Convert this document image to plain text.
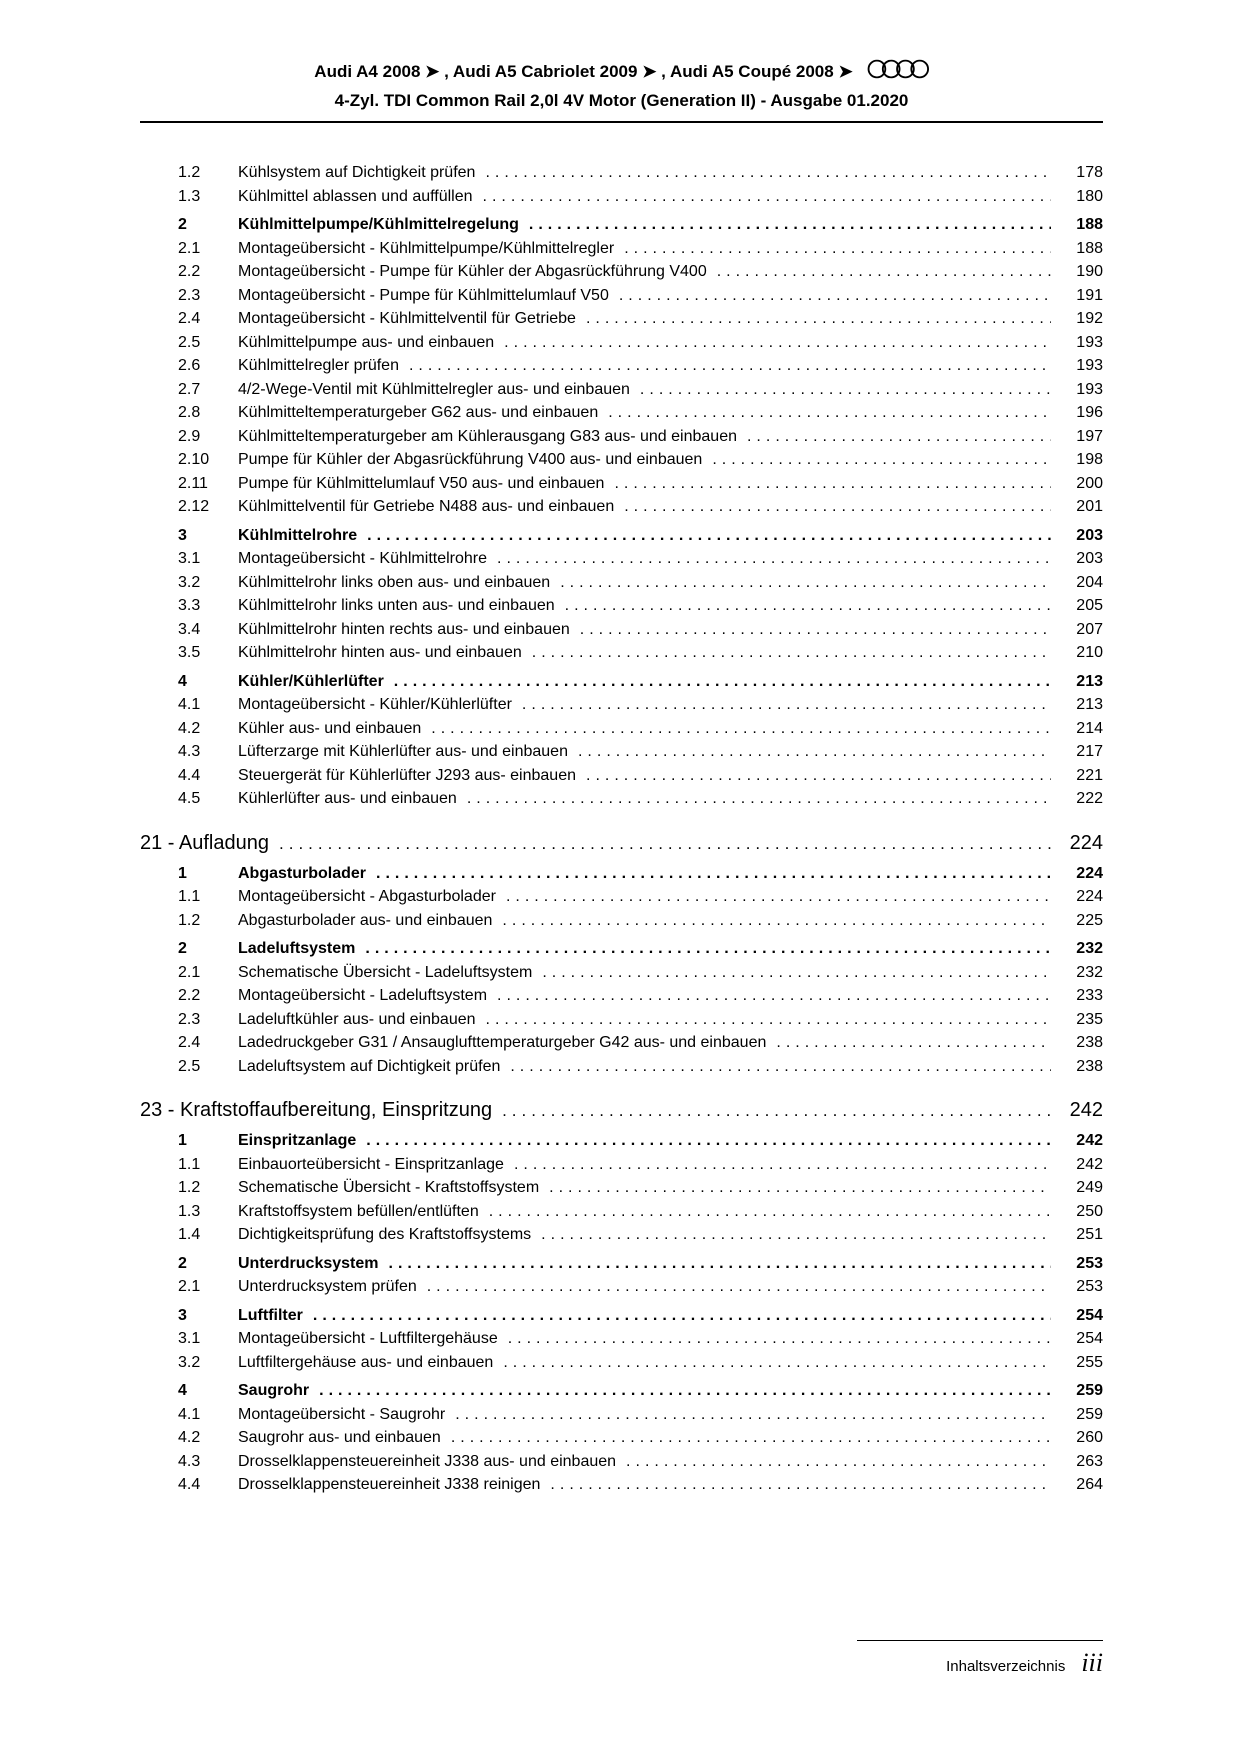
Audi A4 2008 ➤ , Audi A5 Cabriolet 2009 ➤ , Audi A5 Coupé 2008 ➤
4-Zyl. TDI Common Rail 2,0l 4V Motor (Generation II) - Ausgabe 01.2020
1.2	Kühlsystem auf Dichtigkeit prüfen .....	178
1.3	Kühlmittel ablassen und auffüllen .....	180
2	Kühlmittelpumpe/Kühlmittelregelung .....	188
2.1	Montageübersicht - Kühlmittelpumpe/Kühlmittelregler .....	188
2.2	Montageübersicht - Pumpe für Kühler der Abgasrückführung V400 .....	190
2.3	Montageübersicht - Pumpe für Kühlmittelumlauf V50 .....	191
2.4	Montageübersicht - Kühlmittelventil für Getriebe .....	192
2.5	Kühlmittelpumpe aus- und einbauen .....	193
2.6	Kühlmittelregler prüfen .....	193
2.7	4/2-Wege-Ventil mit Kühlmittelregler aus- und einbauen .....	193
2.8	Kühlmitteltemperaturgeber G62 aus- und einbauen .....	196
2.9	Kühlmitteltemperaturgeber am Kühlerausgang G83 aus- und einbauen .....	197
2.10	Pumpe für Kühler der Abgasrückführung V400 aus- und einbauen .....	198
2.11	Pumpe für Kühlmittelumlauf V50 aus- und einbauen .....	200
2.12	Kühlmittelventil für Getriebe N488 aus- und einbauen .....	201
3	Kühlmittelrohre .....	203
3.1	Montageübersicht - Kühlmittelrohre .....	203
3.2	Kühlmittelrohr links oben aus- und einbauen .....	204
3.3	Kühlmittelrohr links unten aus- und einbauen .....	205
3.4	Kühlmittelrohr hinten rechts aus- und einbauen .....	207
3.5	Kühlmittelrohr hinten aus- und einbauen .....	210
4	Kühler/Kühlerlüfter .....	213
4.1	Montageübersicht - Kühler/Kühlerlüfter .....	213
4.2	Kühler aus- und einbauen .....	214
4.3	Lüfterzarge mit Kühlerlüfter aus- und einbauen .....	217
4.4	Steuergerät für Kühlerlüfter J293 aus- einbauen .....	221
4.5	Kühlerlüfter aus- und einbauen .....	222
21 - Aufladung .....	224
1	Abgasturbolader .....	224
1.1	Montageübersicht - Abgasturbolader .....	224
1.2	Abgasturbolader aus- und einbauen .....	225
2	Ladeluftsystem .....	232
2.1	Schematische Übersicht - Ladeluftsystem .....	232
2.2	Montageübersicht - Ladeluftsystem .....	233
2.3	Ladeluftkühler aus- und einbauen .....	235
2.4	Ladedruckgeber G31 / Ansauglufttemperaturgeber G42 aus- und einbauen .....	238
2.5	Ladeluftsystem auf Dichtigkeit prüfen .....	238
23 - Kraftstoffaufbereitung, Einspritzung .....	242
1	Einspritzanlage .....	242
1.1	Einbauorteübersicht - Einspritzanlage .....	242
1.2	Schematische Übersicht - Kraftstoffsystem .....	249
1.3	Kraftstoffsystem befüllen/entlüften .....	250
1.4	Dichtigkeitsprüfung des Kraftstoffsystems .....	251
2	Unterdrucksystem .....	253
2.1	Unterdrucksystem prüfen .....	253
3	Luftfilter .....	254
3.1	Montageübersicht - Luftfiltergehäuse .....	254
3.2	Luftfiltergehäuse aus- und einbauen .....	255
4	Saugrohr .....	259
4.1	Montageübersicht - Saugrohr .....	259
4.2	Saugrohr aus- und einbauen .....	260
4.3	Drosselklappensteuereinheit J338 aus- und einbauen .....	263
4.4	Drosselklappensteuereinheit J338 reinigen .....	264
Inhaltsverzeichnis iii
